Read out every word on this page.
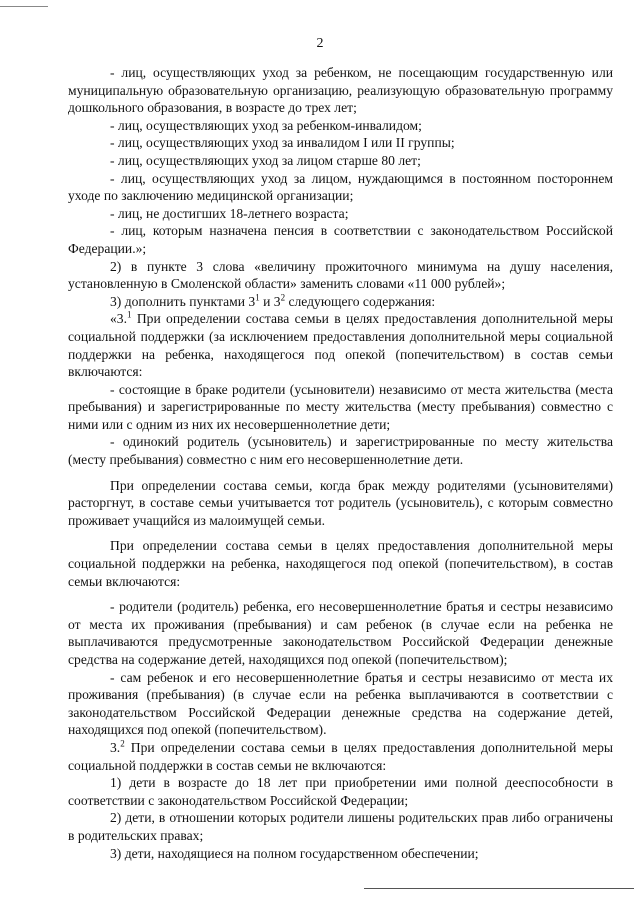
2

- лиц, осуществляющих уход за ребенком, не посещающим государственную или муниципальную образовательную организацию, реализующую образовательную программу дошкольного образования, в возрасте до трех лет;

- лиц, осуществляющих уход за ребенком-инвалидом;

- лиц, осуществляющих уход за инвалидом I или II группы;

- лиц, осуществляющих уход за лицом старше 80 лет;

- лиц, осуществляющих уход за лицом, нуждающимся в постоянном постороннем уходе по заключению медицинской организации;

- лиц, не достигших 18-летнего возраста;

- лиц, которым назначена пенсия в соответствии с законодательством Российской Федерации.»;

2) в пункте 3 слова «величину прожиточного минимума на душу населения, установленную в Смоленской области» заменить словами «11 000 рублей»;

3) дополнить пунктами $3^1$ и $3^2$ следующего содержания:

«3.$^1$ При определении состава семьи в целях предоставления дополнительной меры социальной поддержки (за исключением предоставления дополнительной меры социальной поддержки на ребенка, находящегося под опекой (попечительством) в состав семьи включаются:

- состоящие в браке родители (усыновители) независимо от места жительства (места пребывания) и зарегистрированные по месту жительства (месту пребывания) совместно с ними или с одним из них их несовершеннолетние дети;

- одинокий родитель (усыновитель) и зарегистрированные по месту жительства (месту пребывания) совместно с ним его несовершеннолетние дети.

При определении состава семьи, когда брак между родителями (усыновителями) расторгнут, в составе семьи учитывается тот родитель (усыновитель), с которым совместно проживает учащийся из малоимущей семьи.

При определении состава семьи в целях предоставления дополнительной меры социальной поддержки на ребенка, находящегося под опекой (попечительством), в состав семьи включаются:

- родители (родитель) ребенка, его несовершеннолетние братья и сестры независимо от места их проживания (пребывания) и сам ребенок (в случае если на ребенка не выплачиваются предусмотренные законодательством Российской Федерации денежные средства на содержание детей, находящихся под опекой (попечительством);

- сам ребенок и его несовершеннолетние братья и сестры независимо от места их проживания (пребывания) (в случае если на ребенка выплачиваются в соответствии с законодательством Российской Федерации денежные средства на содержание детей, находящихся под опекой (попечительством).

3.$^2$ При определении состава семьи в целях предоставления дополнительной меры социальной поддержки в состав семьи не включаются:

1) дети в возрасте до 18 лет при приобретении ими полной дееспособности в соответствии с законодательством Российской Федерации;

2) дети, в отношении которых родители лишены родительских прав либо ограничены в родительских правах;

3) дети, находящиеся на полном государственном обеспечении;
